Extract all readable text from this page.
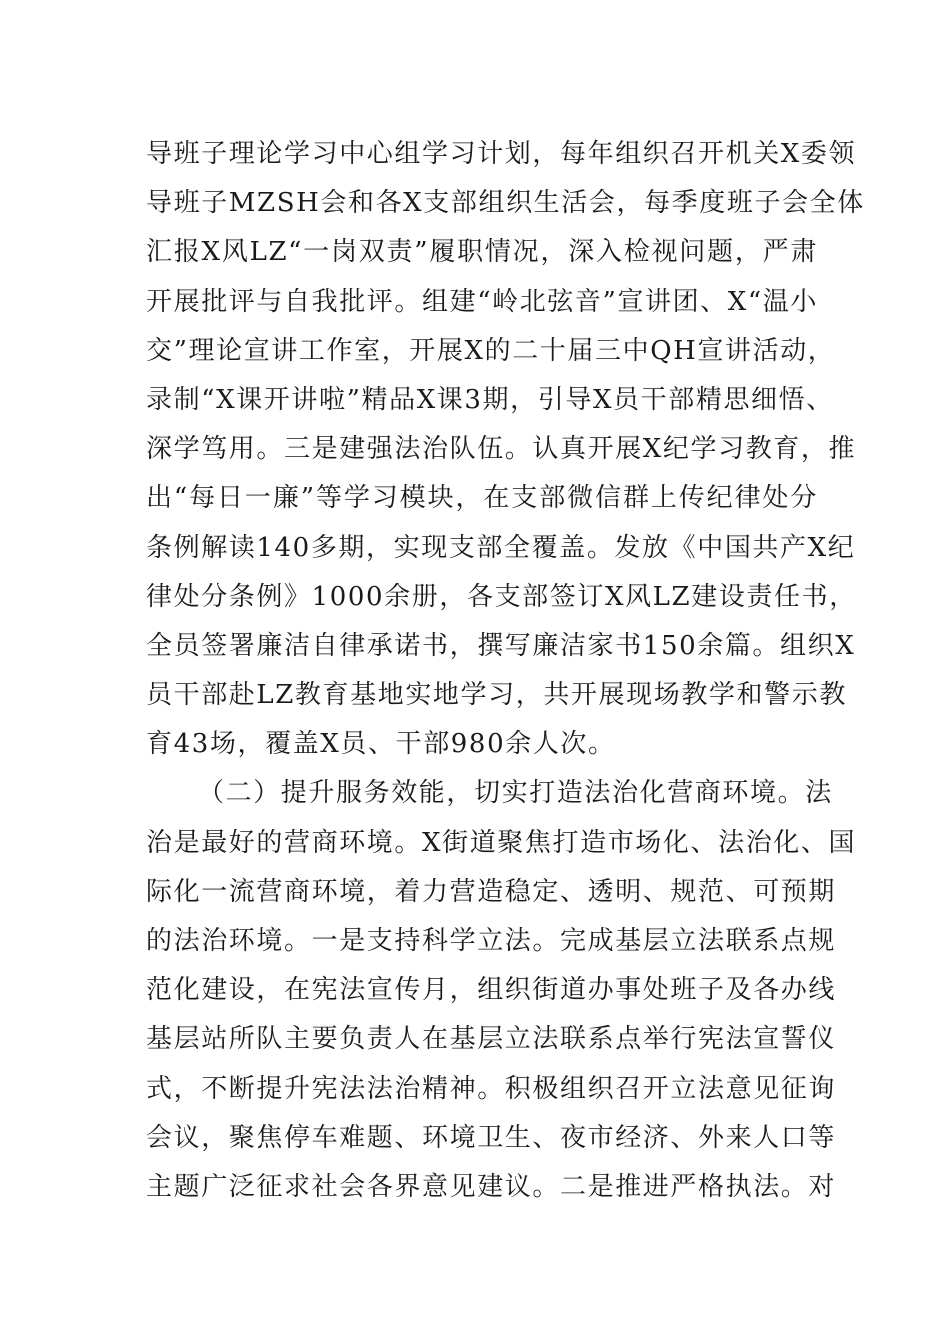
导班子理论学习中心组学习计划，每年组织召开机关X委领
导班子MZSH会和各X支部组织生活会，每季度班子会全体
汇报X风LZ“一岗双责”履职情况，深入检视问题，严肃
开展批评与自我批评。组建“岭北弦音”宣讲团、X“温小
交”理论宣讲工作室，开展X的二十届三中QH宣讲活动，
录制“X课开讲啦”精品X课3期，引导X员干部精思细悟、
深学笃用。三是建强法治队伍。认真开展X纪学习教育，推
出“每日一廉”等学习模块，在支部微信群上传纪律处分
条例解读140多期，实现支部全覆盖。发放《中国共产X纪
律处分条例》1000余册，各支部签订X风LZ建设责任书，
全员签署廉洁自律承诺书，撰写廉洁家书150余篇。组织X
员干部赴LZ教育基地实地学习，共开展现场教学和警示教
育43场，覆盖X员、干部980余人次。
（二）提升服务效能，切实打造法治化营商环境。法
治是最好的营商环境。X街道聚焦打造市场化、法治化、国
际化一流营商环境，着力营造稳定、透明、规范、可预期
的法治环境。一是支持科学立法。完成基层立法联系点规
范化建设，在宪法宣传月，组织街道办事处班子及各办线
基层站所队主要负责人在基层立法联系点举行宪法宣誓仪
式，不断提升宪法法治精神。积极组织召开立法意见征询
会议，聚焦停车难题、环境卫生、夜市经济、外来人口等
主题广泛征求社会各界意见建议。二是推进严格执法。对
